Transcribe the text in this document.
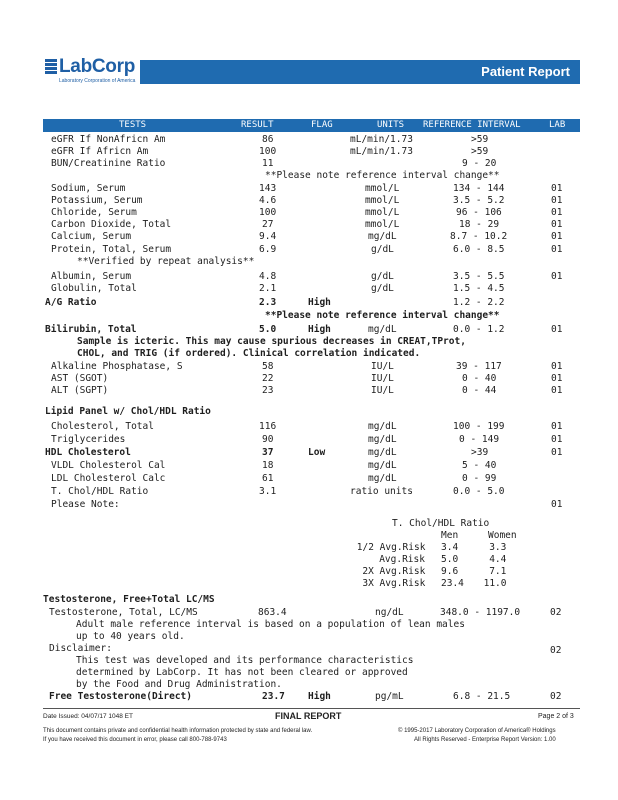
LabCorp
Laboratory Corporation of America
Patient Report
TESTS	RESULT	FLAG	UNITS REFERENCE INTERVAL	LAB
eGFR If NonAfricn Am	86	mL/min/1.73	>59
eGFR If Africn Am	100	mL/min/1.73	>59
BUN/Creatinine Ratio	11	9 - 20
**Please note reference interval change**
Sodium, Serum	143	mmol/L	134 - 144	01
Potassium, Serum	4.6	mmol/L	3.5 - 5.2	01
Chloride, Serum	100	mmol/L	96 - 106	01
Carbon Dioxide, Total	27	mmol/L	18 - 29	01
Calcium, Serum	9.4	mg/dL	8.7 - 10.2	01
Protein, Total, Serum	6.9	g/dL	6.0 - 8.5	01
**Verified by repeat analysis**
Albumin, Serum	4.8	g/dL	3.5 - 5.5	01
Globulin, Total	2.1	g/dL	1.5 - 4.5
A/G Ratio	2.3	High	1.2 - 2.2
**Please note reference interval change**
Bilirubin, Total	5.0	High	mg/dL	0.0 - 1.2	01
Sample is icteric. This may cause spurious decreases in CREAT,TProt,
CHOL, and TRIG (if ordered). Clinical correlation indicated.
Alkaline Phosphatase, S	58	IU/L	39 - 117	01
AST (SGOT)	22	IU/L	0 - 40	01
ALT (SGPT)	23	IU/L	0 - 44	01
Lipid Panel w/ Chol/HDL Ratio
Cholesterol, Total	116	mg/dL	100 - 199	01
Triglycerides	90	mg/dL	0 - 149	01
HDL Cholesterol	37	Low	mg/dL	>39	01
VLDL Cholesterol Cal	18	mg/dL	5 - 40
LDL Cholesterol Calc	61	mg/dL	0 - 99
T. Chol/HDL Ratio	3.1	ratio units	0.0 - 5.0
Please Note:	01
T. Chol/HDL Ratio
Men	Women
1/2 Avg.Risk 3.4	3.3
Avg.Risk 5.0	4.4
2X Avg.Risk 9.6	7.1
3X Avg.Risk 23.4 11.0
Testosterone, Free+Total LC/MS
Testosterone, Total, LC/MS	863.4	ng/dL	348.0 - 1197.0	02
Adult male reference interval is based on a population of lean males
up to 40 years old.
Disclaimer:	02
This test was developed and its performance characteristics
determined by LabCorp. It has not been cleared or approved
by the Food and Drug Administration.
Free Testosterone(Direct)	23.7 High	pg/mL	6.8 - 21.5	02
Date Issued: 04/07/17 1048 ET	FINAL REPORT	Page 2 of 3
This document contains private and confidential health information protected by state and federal law.
If you have received this document in error, please call 800-788-9743
© 1995-2017 Laboratory Corporation of America® Holdings
All Rights Reserved - Enterprise Report Version: 1.00
